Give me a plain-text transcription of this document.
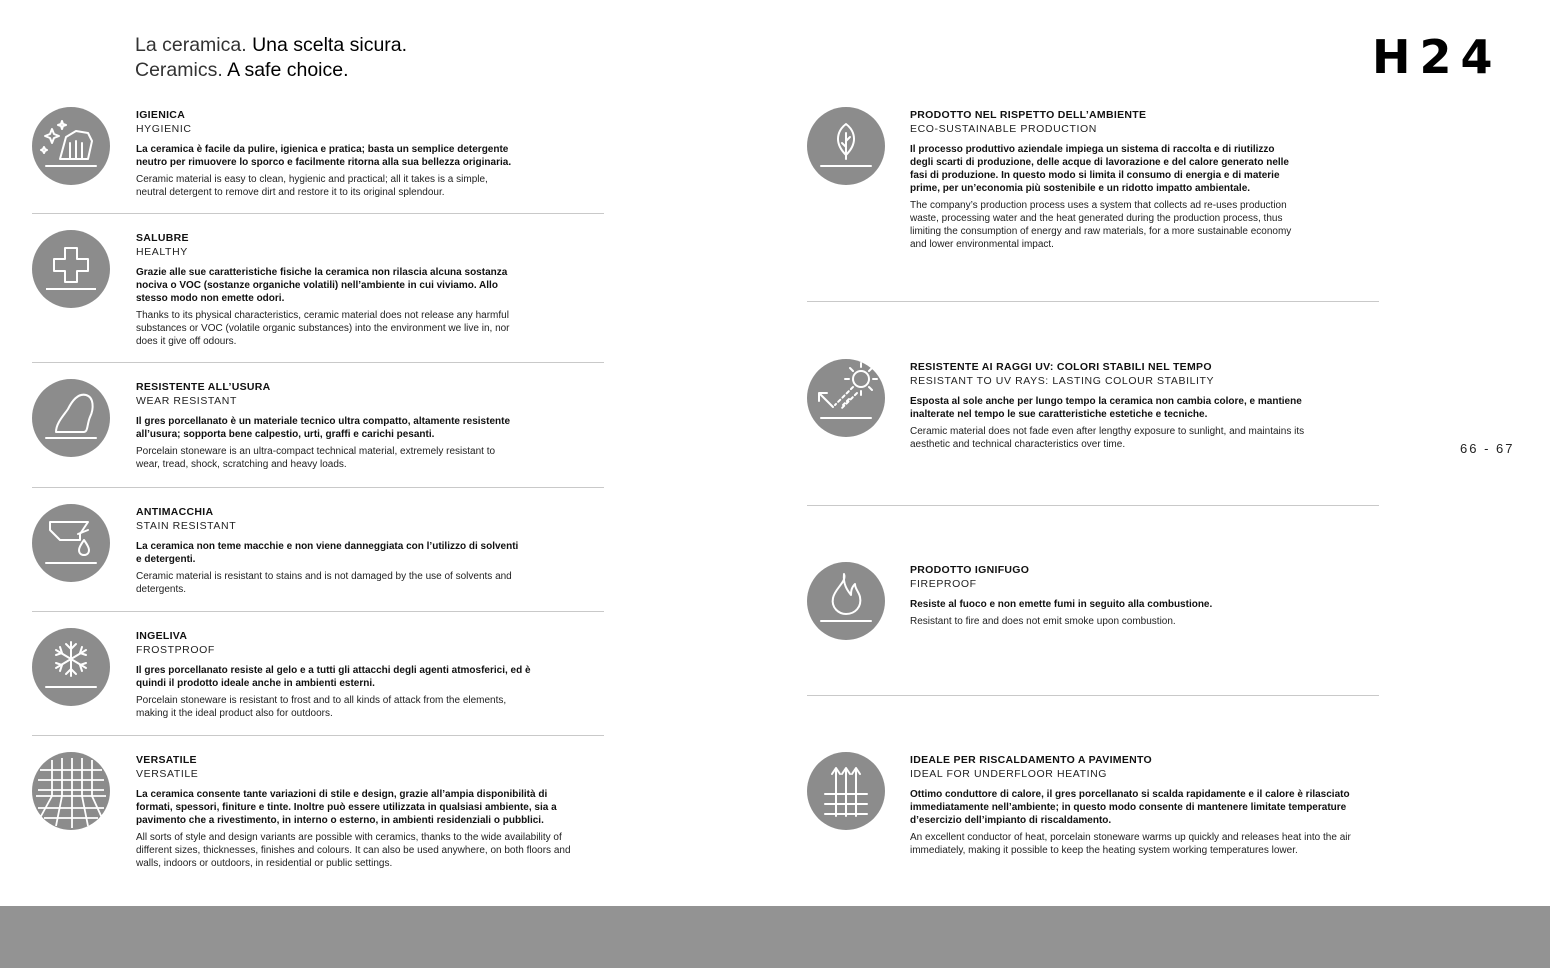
La ceramica. Una scelta sicura.
Ceramics. A safe choice.	H24
66 - 67

IGIENICA

HYGIENIC

La ceramica è facile da pulire, igienica e pratica; basta un semplice detergente neutro per rimuovere lo sporco e facilmente ritorna alla sua bellezza originaria.

Ceramic material is easy to clean, hygienic and practical; all it takes is a simple, neutral detergent to remove dirt and restore it to its original splendour.

SALUBRE

HEALTHY

Grazie alle sue caratteristiche fisiche la ceramica non rilascia alcuna sostanza nociva o VOC (sostanze organiche volatili) nell’ambiente in cui viviamo. Allo stesso modo non emette odori.

Thanks to its physical characteristics, ceramic material does not release any harmful substances or VOC (volatile organic substances) into the environment we live in, nor does it give off odours.

RESISTENTE ALL’USURA

WEAR RESISTANT

Il gres porcellanato è un materiale tecnico ultra compatto, altamente resistente all’usura; sopporta bene calpestio, urti, graffi e carichi pesanti.

Porcelain stoneware is an ultra-compact technical material, extremely resistant to wear, tread, shock, scratching and heavy loads.

ANTIMACCHIA

STAIN RESISTANT

La ceramica non teme macchie e non viene danneggiata con l’utilizzo di solventi e detergenti.

Ceramic material is resistant to stains and is not damaged by the use of solvents and detergents.

INGELIVA

FROSTPROOF

Il gres porcellanato resiste al gelo e a tutti gli attacchi degli agenti atmosferici, ed è quindi il prodotto ideale anche in ambienti esterni.

Porcelain stoneware is resistant to frost and to all kinds of attack from the elements, making it the ideal product also for outdoors.

VERSATILE

VERSATILE

La ceramica consente tante variazioni di stile e design, grazie all’ampia disponibilità di formati, spessori, finiture e tinte. Inoltre può essere utilizzata in qualsiasi ambiente, sia a pavimento che a rivestimento, in interno o esterno, in ambienti residenziali o pubblici.

All sorts of style and design variants are possible with ceramics, thanks to the wide availability of different sizes, thicknesses, finishes and colours. It can also be used anywhere, on both floors and walls, indoors or outdoors, in residential or public settings.

PRODOTTO NEL RISPETTO DELL’AMBIENTE

ECO-SUSTAINABLE PRODUCTION

Il processo produttivo aziendale impiega un sistema di raccolta e di riutilizzo degli scarti di produzione, delle acque di lavorazione e del calore generato nelle fasi di produzione. In questo modo si limita il consumo di energia e di materie prime, per un’economia più sostenibile e un ridotto impatto ambientale.

The company’s production process uses a system that collects ad re-uses production waste, processing water and the heat generated during the production process, thus limiting the consumption of energy and raw materials, for a more sustainable economy and lower environmental impact.

RESISTENTE AI RAGGI UV: COLORI STABILI NEL TEMPO

RESISTANT TO UV RAYS: LASTING COLOUR STABILITY

Esposta al sole anche per lungo tempo la ceramica non cambia colore, e mantiene inalterate nel tempo le sue caratteristiche estetiche e tecniche.

Ceramic material does not fade even after lengthy exposure to sunlight, and maintains its aesthetic and technical characteristics over time.

PRODOTTO IGNIFUGO

FIREPROOF

Resiste al fuoco e non emette fumi in seguito alla combustione.

Resistant to fire and does not emit smoke upon combustion.

IDEALE PER RISCALDAMENTO A PAVIMENTO

IDEAL FOR UNDERFLOOR HEATING

Ottimo conduttore di calore, il gres porcellanato si scalda rapidamente e il calore è rilasciato immediatamente nell’ambiente; in questo modo consente di mantenere limitate temperature d’esercizio dell’impianto di riscaldamento.

An excellent conductor of heat, porcelain stoneware warms up quickly and releases heat into the air immediately, making it possible to keep the heating system working temperatures lower.
